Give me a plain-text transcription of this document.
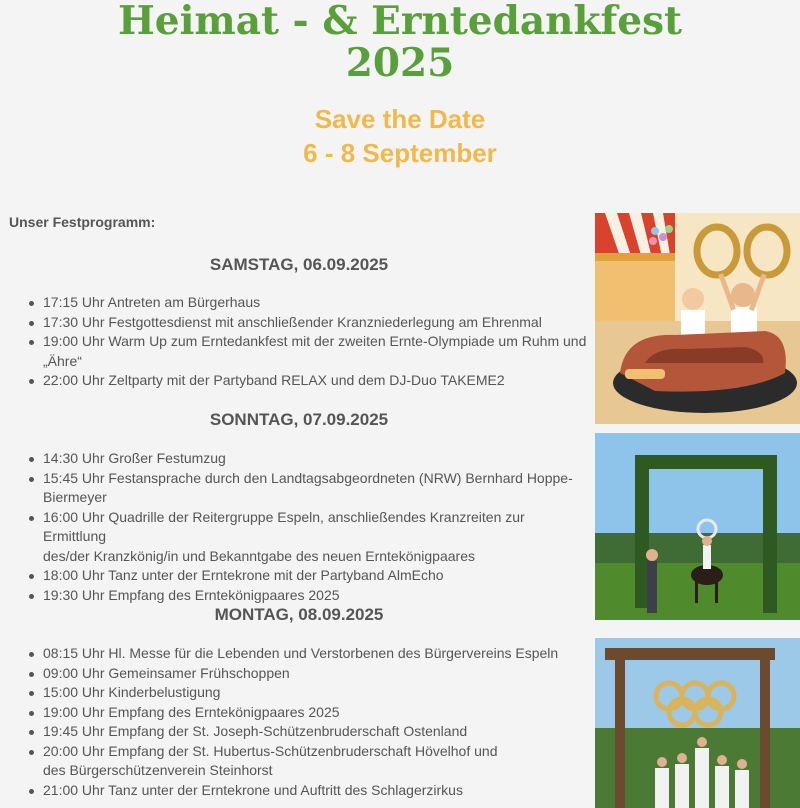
Heimat - & Erntedankfest
2025
Save the Date
6 - 8 September
Unser Festprogramm:
SAMSTAG, 06.09.2025
17:15 Uhr Antreten am Bürgerhaus
17:30 Uhr Festgottesdienst mit anschließender Kranzniederlegung am Ehrenmal
19:00 Uhr Warm Up zum Erntedankfest mit der zweiten Ernte-Olympiade um Ruhm und
„Ähre“
22:00 Uhr Zeltparty mit der Partyband RELAX und dem DJ-Duo TAKEME2
SONNTAG, 07.09.2025
14:30 Uhr Großer Festumzug
15:45 Uhr Festansprache durch den Landtagsabgeordneten (NRW) Bernhard Hoppe-
Biermeyer
16:00 Uhr Quadrille der Reitergruppe Espeln, anschließendes Kranzreiten zur Ermittlung
des/der Kranzkönig/in und Bekanntgabe des neuen Erntekönigpaares
18:00 Uhr Tanz unter der Erntekrone mit der Partyband AlmEcho
19:30 Uhr Empfang des Erntekönigpaares 2025
MONTAG, 08.09.2025
08:15 Uhr Hl. Messe für die Lebenden und Verstorbenen des Bürgervereins Espeln
09:00 Uhr Gemeinsamer Frühschoppen
15:00 Uhr Kinderbelustigung
19:00 Uhr Empfang des Erntekönigpaares 2025
19:45 Uhr Empfang der St. Joseph-Schützenbruderschaft Ostenland
20:00 Uhr Empfang der St. Hubertus-Schützenbruderschaft Hövelhof und
des Bürgerschützenverein Steinhorst
21:00 Uhr Tanz unter der Erntekrone und Auftritt des Schlagerzirkus
